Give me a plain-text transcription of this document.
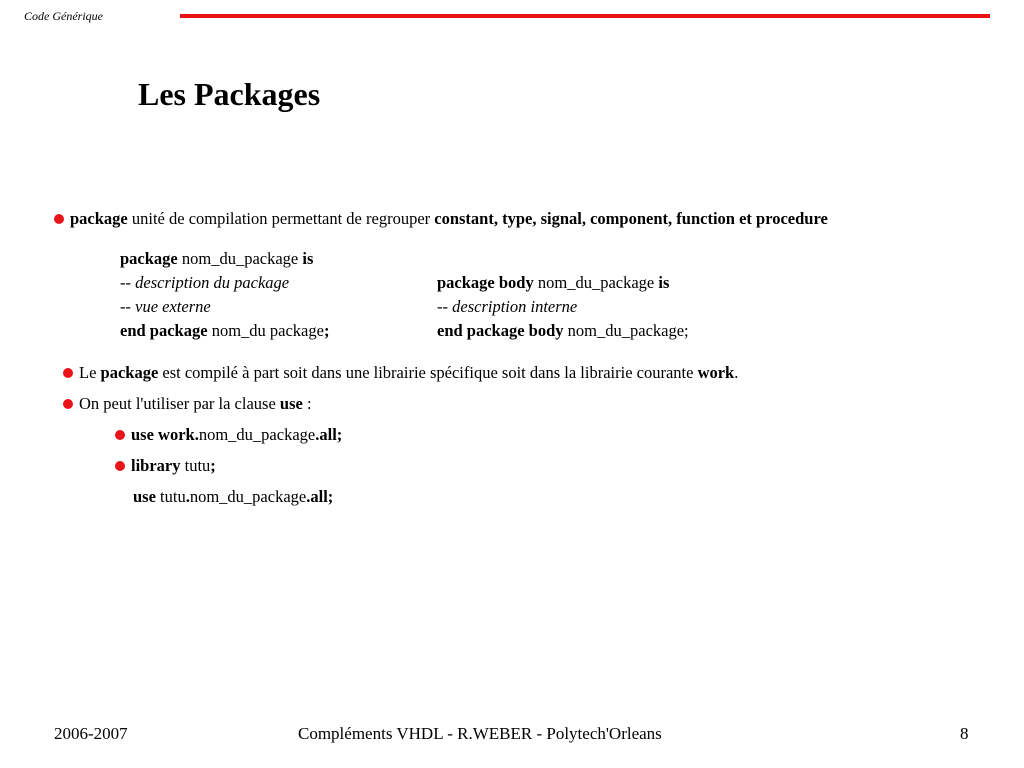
Code Générique
Les Packages
package unité de compilation permettant de regrouper constant, type, signal, component, function et procedure
package nom_du_package is
-- description du package
-- vue externe
end package nom_du package;
package body nom_du_package is
-- description interne
end package body nom_du_package;
Le package est compilé à part soit dans une librairie spécifique soit dans la librairie courante work.
On peut l'utiliser par la clause use :
use work.nom_du_package.all;
library tutu;
use tutu.nom_du_package.all;
2006-2007	Compléments VHDL - R.WEBER - Polytech'Orleans	8
